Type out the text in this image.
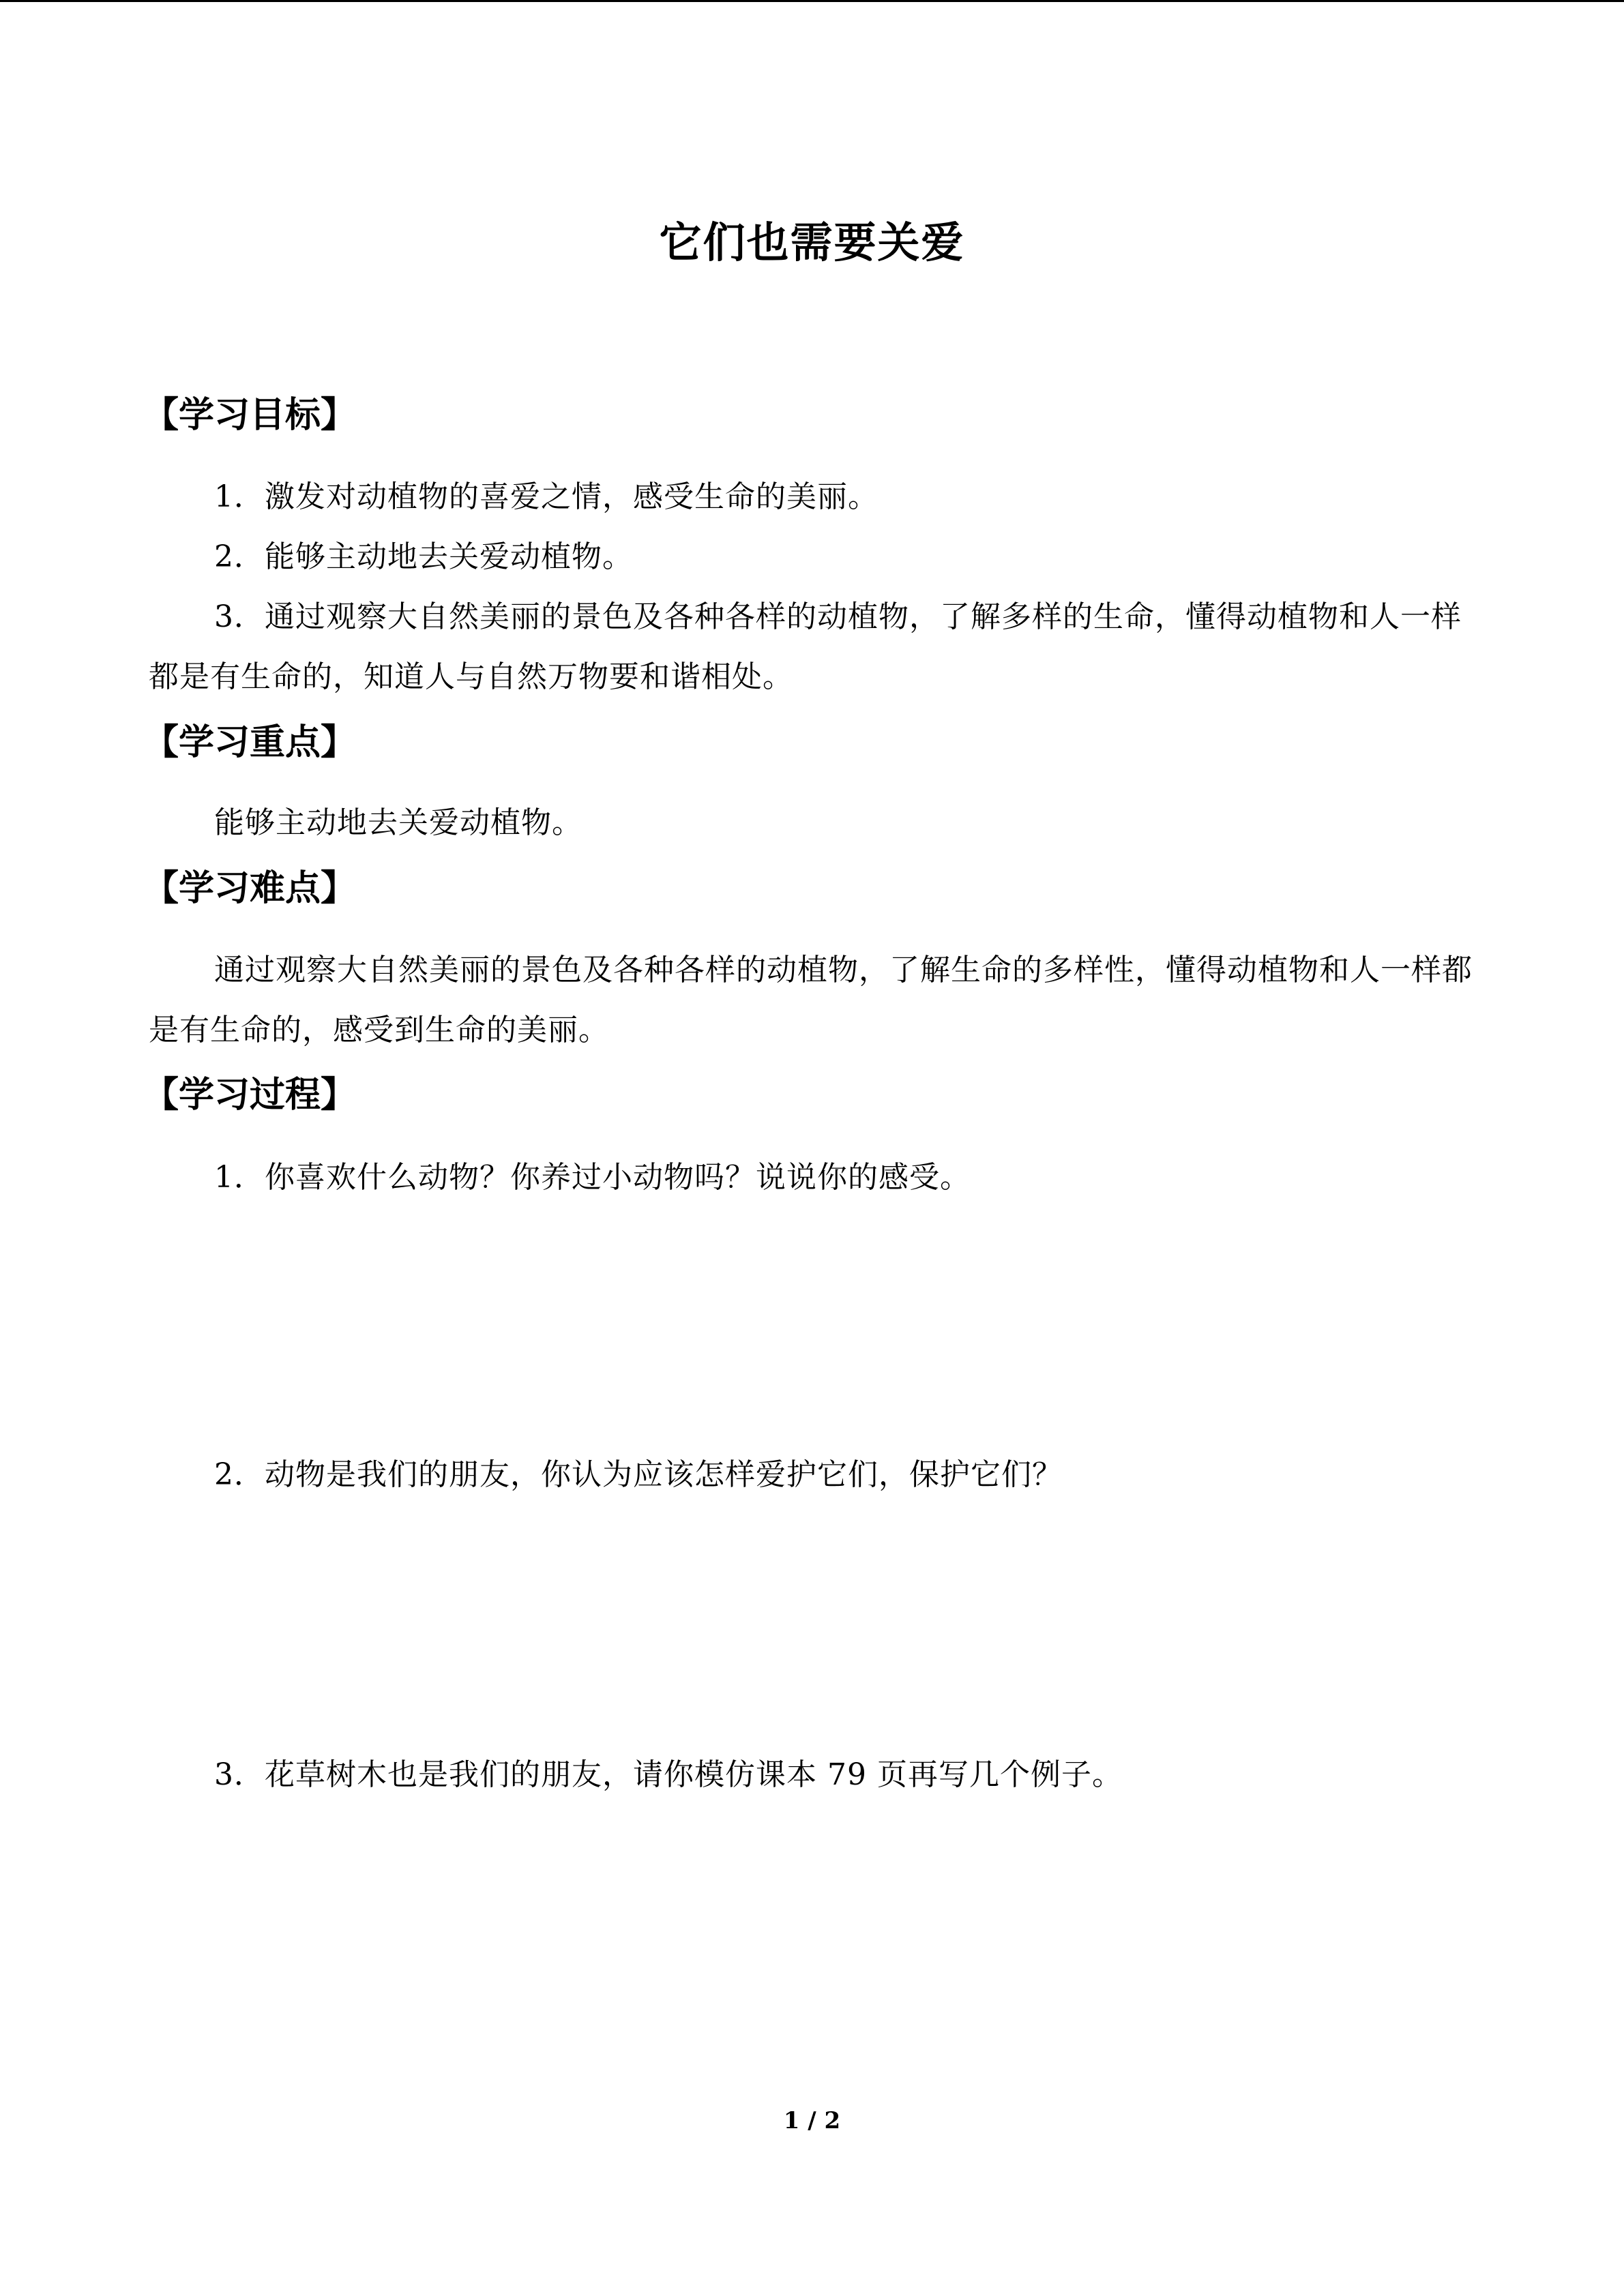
它们也需要关爱
【学习目标】
1．激发对动植物的喜爱之情，感受生命的美丽。
2．能够主动地去关爱动植物。

3．通过观察大自然美丽的景色及各种各样的动植物，了解多样的生命，懂得动植物和人一样都是有生命的，知道人与自然万物要和谐相处。

【学习重点】
能够主动地去关爱动植物。
【学习难点】

通过观察大自然美丽的景色及各种各样的动植物，了解生命的多样性，懂得动植物和人一样都是有生命的，感受到生命的美丽。

【学习过程】
1．你喜欢什么动物？你养过小动物吗？说说你的感受。
2．动物是我们的朋友，你认为应该怎样爱护它们，保护它们？
3．花草树木也是我们的朋友，请你模仿课本 79 页再写几个例子。
1 / 2
